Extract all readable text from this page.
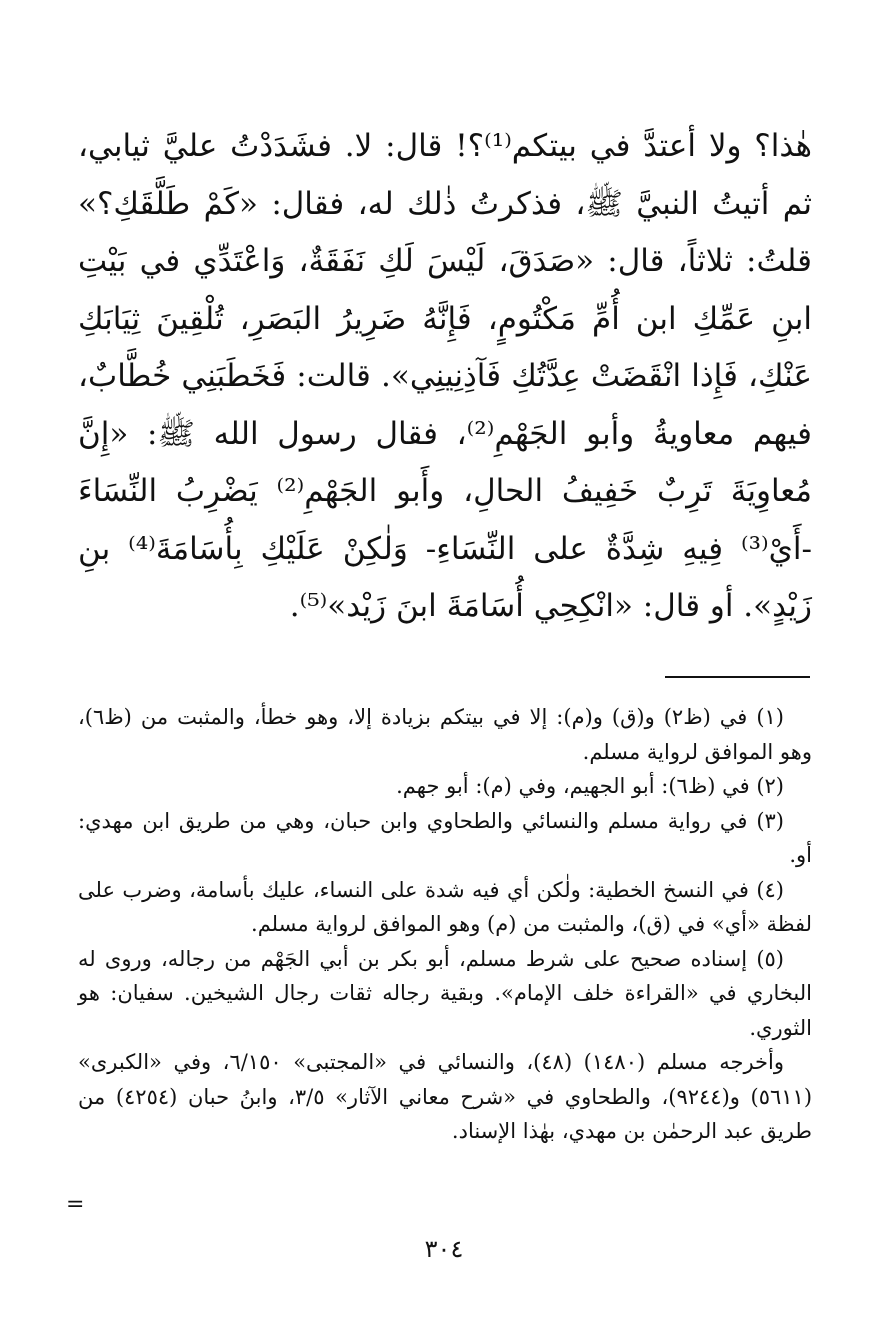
هٰذا؟ ولا أعتدَّ في بيتكم⁽¹⁾؟! قال: لا. فشَدَدْتُ عليَّ ثيابي، ثم أتيتُ النبيَّ ﷺ، فذكرتُ ذٰلك له، فقال: «كَمْ طَلَّقَكِ؟» قلتُ: ثلاثاً، قال: «صَدَقَ، لَيْسَ لَكِ نَفَقَةٌ، وَاعْتَدِّي في بَيْتِ ابنِ عَمِّكِ ابن أُمِّ مَكْتُومٍ، فَإِنَّهُ ضَرِيرُ البَصَرِ، تُلْقِينَ ثِيَابَكِ عَنْكِ، فَإِذا انْقَضَتْ عِدَّتُكِ فَآذِنِينِي». قالت: فَخَطَبَنِي خُطَّابٌ، فيهم معاويةُ وأبو الجَهْمِ⁽²⁾، فقال رسول الله ﷺ: «إِنَّ مُعاوِيَةَ تَرِبٌ خَفِيفُ الحالِ، وأَبو الجَهْمِ⁽²⁾ يَضْرِبُ النِّسَاءَ -أَيْ⁽³⁾ فِيهِ شِدَّةٌ على النِّسَاءِ- وَلٰكِنْ عَلَيْكِ بِأُسَامَةَ⁽⁴⁾ بنِ زَيْدٍ». أو قال: «انْكِحِي أُسَامَةَ ابنَ زَيْد»⁽⁵⁾.

(١) في (ظ٢) و(ق) و(م): إلا في بيتكم بزيادة إلا، وهو خطأ، والمثبت من (ظ٦)، وهو الموافق لرواية مسلم.

(٢) في (ظ٦): أبو الجهيم، وفي (م): أبو جهم.

(٣) في رواية مسلم والنسائي والطحاوي وابن حبان، وهي من طريق ابن مهدي: أو.

(٤) في النسخ الخطية: ولٰكن أي فيه شدة على النساء، عليك بأسامة، وضرب على لفظة «أي» في (ق)، والمثبت من (م) وهو الموافق لرواية مسلم.

(٥) إسناده صحيح على شرط مسلم، أبو بكر بن أبي الجَهْم من رجاله، وروى له البخاري في «القراءة خلف الإمام». وبقية رجاله ثقات رجال الشيخين. سفيان: هو الثوري.

وأخرجه مسلم (١٤٨٠) (٤٨)، والنسائي في «المجتبى» ٦/١٥٠، وفي «الكبرى» (٥٦١١) و(٩٢٤٤)، والطحاوي في «شرح معاني الآثار» ٣/٥، وابنُ حبان (٤٢٥٤) من طريق عبد الرحمٰن بن مهدي، بهٰذا الإسناد.

=
٣٠٤
